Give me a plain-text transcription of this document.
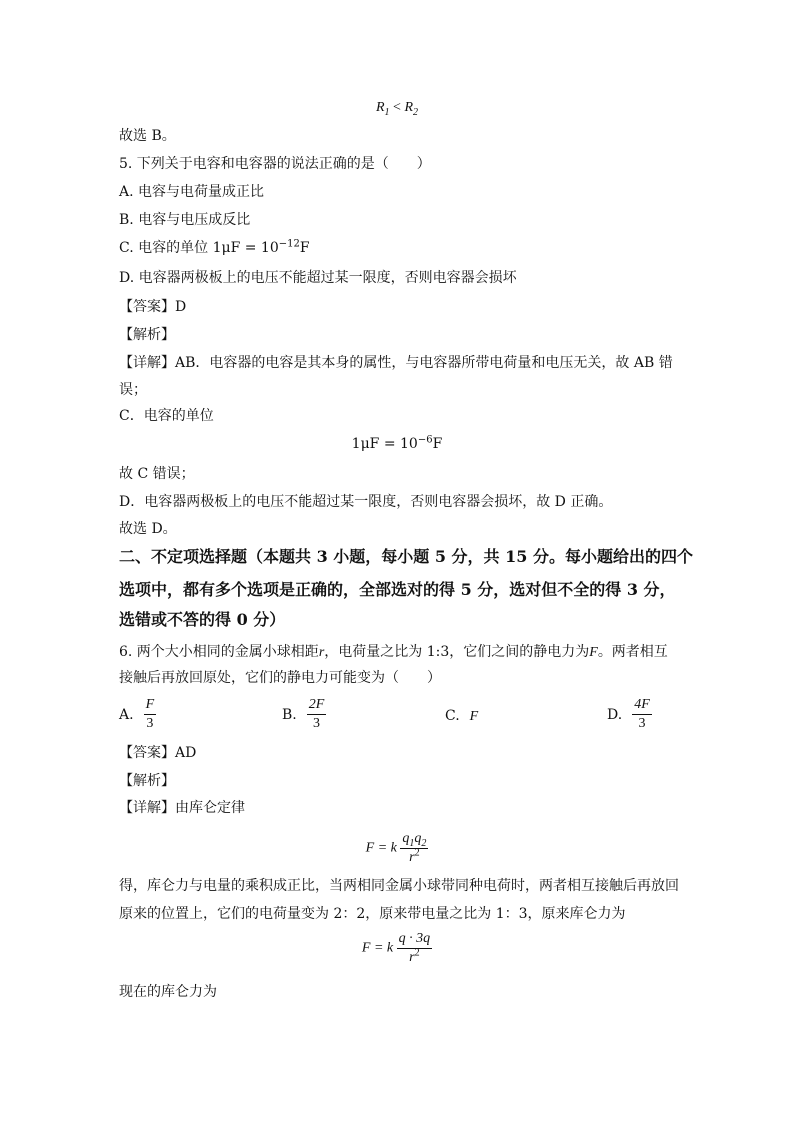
$R_1 < R_2$
故选 B。
5. 下列关于电容和电容器的说法正确的是（　　）
A. 电容与电荷量成正比
B. 电容与电压成反比
C. 电容的单位 $1\mu F = 10^{-12}F$
D. 电容器两极板上的电压不能超过某一限度，否则电容器会损坏
【答案】D
【解析】
【详解】AB．电容器的电容是其本身的属性，与电容器所带电荷量和电压无关，故 AB 错
误；
C．电容的单位
$1\mu F = 10^{-6}F$
故 C 错误；
D．电容器两极板上的电压不能超过某一限度，否则电容器会损坏，故 D 正确。
故选 D。
二、不定项选择题（本题共 3 小题，每小题 5 分，共 15 分。每小题给出的四个
选项中，都有多个选项是正确的，全部选对的得 5 分，选对但不全的得 3 分，
选错或不答的得 0 分）
6. 两个大小相同的金属小球相距r，电荷量之比为 1:3，它们之间的静电力为F。两者相互
接触后再放回原处，它们的静电力可能变为（　　）
A. $\frac{F}{3}$	B. $\frac{2F}{3}$	C. F	D. $\frac{4F}{3}$
【答案】AD
【解析】
【详解】由库仑定律
F = k $\frac{q_1q_2}{r^2}$
得，库仑力与电量的乘积成正比，当两相同金属小球带同种电荷时，两者相互接触后再放回
原来的位置上，它们的电荷量变为 2：2，原来带电量之比为 1：3，原来库仑力为
F = k $\frac{q \cdot 3q}{r^2}$
现在的库仑力为
